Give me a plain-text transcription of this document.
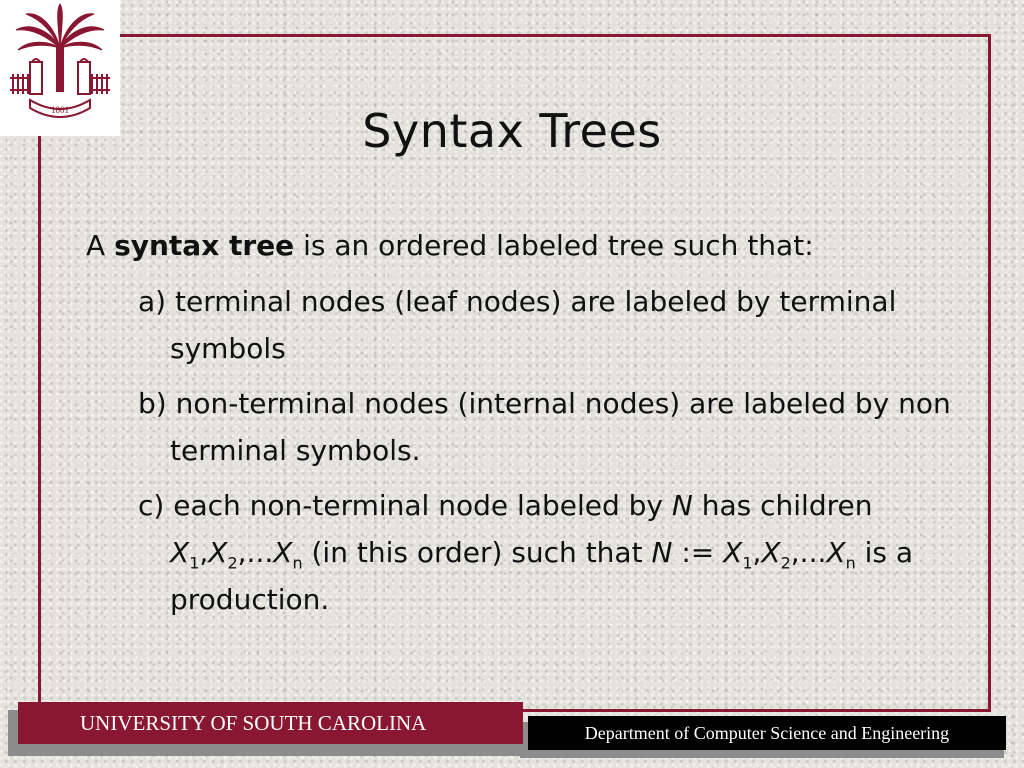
1801	Syntax Trees

A syntax tree is an ordered labeled tree such that:

a) terminal nodes (leaf nodes) are labeled by terminal symbols

b) non-terminal nodes (internal nodes) are labeled by non terminal symbols.

c) each non-terminal node labeled by N has children $X_1,X_2,...X_n$ (in this order) such that N := $X_1,X_2,...X_n$ is a production.

UNIVERSITY OF SOUTH CAROLINA	Department of Computer Science and Engineering
